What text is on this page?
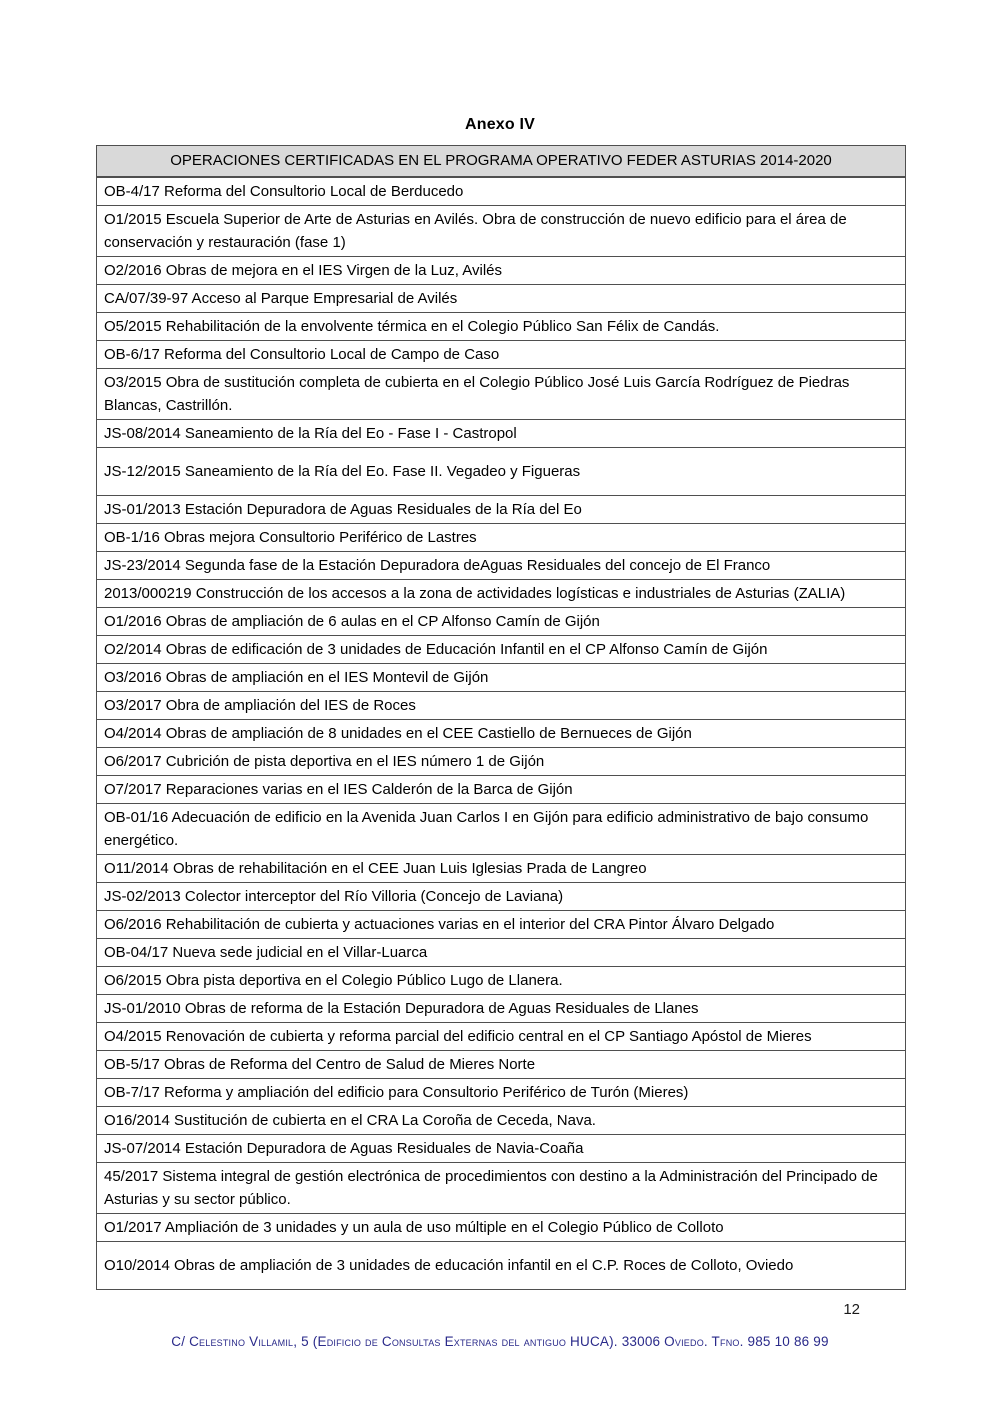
Anexo IV
OPERACIONES CERTIFICADAS EN EL PROGRAMA OPERATIVO FEDER ASTURIAS 2014-2020
OB-4/17 Reforma del Consultorio Local de Berducedo
O1/2015 Escuela Superior de Arte de Asturias en Avilés. Obra de construcción de nuevo edificio para el área de conservación y restauración (fase 1)
O2/2016 Obras de mejora en el IES Virgen de la Luz, Avilés
CA/07/39-97 Acceso al Parque Empresarial de Avilés
O5/2015 Rehabilitación de la envolvente térmica en el Colegio Público San Félix de Candás.
OB-6/17 Reforma del Consultorio Local de Campo de Caso
O3/2015 Obra de sustitución completa de cubierta en el Colegio Público José Luis García Rodríguez de Piedras Blancas, Castrillón.
JS-08/2014 Saneamiento de la Ría del Eo - Fase I - Castropol
JS-12/2015 Saneamiento de la Ría del Eo. Fase II. Vegadeo y Figueras
JS-01/2013 Estación Depuradora de Aguas Residuales de la Ría del Eo
OB-1/16 Obras mejora Consultorio Periférico de Lastres
JS-23/2014 Segunda fase de la Estación Depuradora deAguas Residuales del concejo de El Franco
2013/000219 Construcción de los accesos a la zona de actividades logísticas e industriales de Asturias (ZALIA)
O1/2016 Obras de ampliación de 6 aulas en el CP Alfonso Camín de Gijón
O2/2014 Obras de edificación de 3 unidades de Educación Infantil en el CP Alfonso Camín de Gijón
O3/2016 Obras de ampliación en el IES Montevil de Gijón
O3/2017 Obra de ampliación del IES de Roces
O4/2014 Obras de ampliación de 8 unidades en el CEE Castiello de Bernueces de Gijón
O6/2017 Cubrición de pista deportiva en el IES número 1 de Gijón
O7/2017 Reparaciones varias en el IES Calderón de la Barca de Gijón
OB-01/16 Adecuación de edificio en la Avenida Juan Carlos I en Gijón para edificio administrativo de bajo consumo energético.
O11/2014 Obras de rehabilitación en el CEE Juan Luis Iglesias Prada de Langreo
JS-02/2013 Colector interceptor del Río Villoria (Concejo de Laviana)
O6/2016 Rehabilitación de cubierta y actuaciones varias en el interior del CRA Pintor Álvaro Delgado
OB-04/17 Nueva sede judicial en el Villar-Luarca
O6/2015 Obra pista deportiva en el Colegio Público Lugo de Llanera.
JS-01/2010 Obras de reforma de la Estación Depuradora de Aguas Residuales de Llanes
O4/2015 Renovación de cubierta y reforma parcial del edificio central en el CP Santiago Apóstol de Mieres
OB-5/17 Obras de Reforma del Centro de Salud de Mieres Norte
OB-7/17 Reforma y ampliación del edificio para Consultorio Periférico de Turón (Mieres)
O16/2014 Sustitución de cubierta en el CRA La Coroña de Ceceda, Nava.
JS-07/2014 Estación Depuradora de Aguas Residuales de Navia-Coaña
45/2017 Sistema integral de gestión electrónica de procedimientos con destino a la Administración del Principado de Asturias y su sector público.
O1/2017 Ampliación de 3 unidades y un aula de uso múltiple en el Colegio Público de Colloto
O10/2014 Obras de ampliación de 3 unidades de educación infantil en el C.P. Roces de Colloto, Oviedo
12
C/ Celestino Villamil, 5 (Edificio de Consultas Externas del antiguo HUCA). 33006 Oviedo. Tfno. 985 10 86 99
